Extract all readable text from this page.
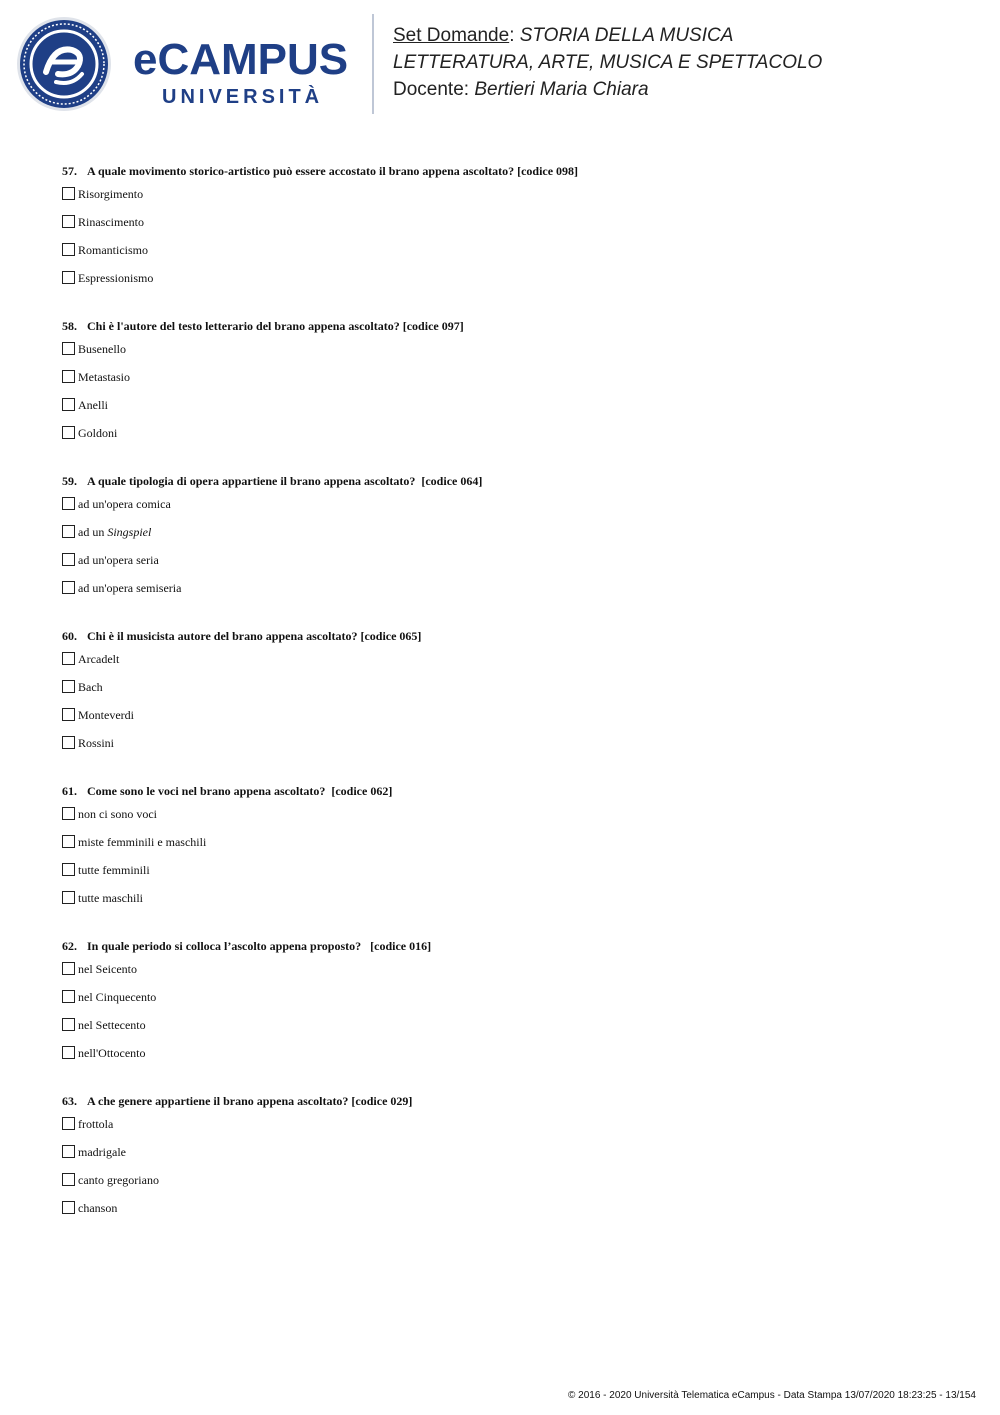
eCAMPUS
UNIVERSITÀ
Set Domande: STORIA DELLA MUSICA
LETTERATURA, ARTE, MUSICA E SPETTACOLO
Docente: Bertieri Maria Chiara
57. A quale movimento storico-artistico può essere accostato il brano appena ascoltato? [codice 098]
Risorgimento
Rinascimento
Romanticismo
Espressionismo
58. Chi è l'autore del testo letterario del brano appena ascoltato? [codice 097]
Busenello
Metastasio
Anelli
Goldoni
59. A quale tipologia di opera appartiene il brano appena ascoltato?  [codice 064]
ad un'opera comica
ad un Singspiel
ad un'opera seria
ad un'opera semiseria
60. Chi è il musicista autore del brano appena ascoltato? [codice 065]
Arcadelt
Bach
Monteverdi
Rossini
61. Come sono le voci nel brano appena ascoltato?  [codice 062]
non ci sono voci
miste femminili e maschili
tutte femminili
tutte maschili
62. In quale periodo si colloca l’ascolto appena proposto?   [codice 016]
nel Seicento
nel Cinquecento
nel Settecento
nell'Ottocento
63. A che genere appartiene il brano appena ascoltato? [codice 029]
frottola
madrigale
canto gregoriano
chanson
© 2016 - 2020 Università Telematica eCampus - Data Stampa 13/07/2020 18:23:25 - 13/154
